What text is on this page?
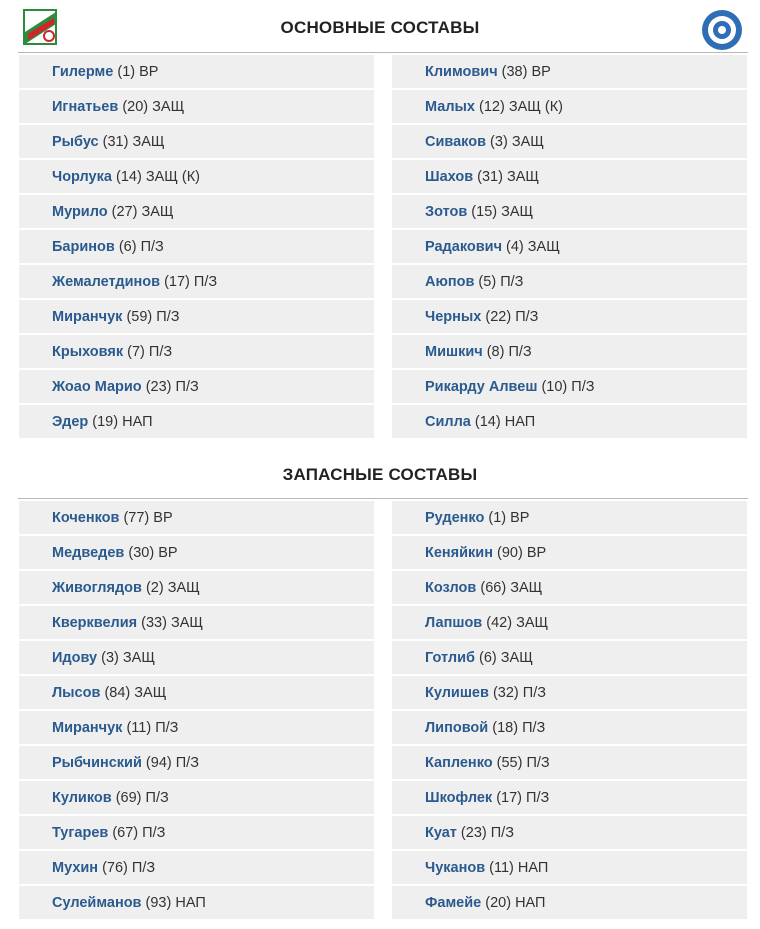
ОСНОВНЫЕ СОСТАВЫ
Гилерме
(1)
ВР
Игнатьев
(20)
ЗАЩ
Рыбус
(31)
ЗАЩ
Чорлука
(14)
ЗАЩ (К)
Мурило
(27)
ЗАЩ
Баринов
(6)
П/З
Жемалетдинов
(17)
П/З
Миранчук
(59)
П/З
Крыховяк
(7)
П/З
Жоао Марио
(23)
П/З
Эдер
(19)
НАП
Климович
(38)
ВР
Малых
(12)
ЗАЩ (К)
Сиваков
(3)
ЗАЩ
Шахов
(31)
ЗАЩ
Зотов
(15)
ЗАЩ
Радакович
(4)
ЗАЩ
Аюпов
(5)
П/З
Черных
(22)
П/З
Мишкич
(8)
П/З
Рикарду Алвеш
(10)
П/З
Силла
(14)
НАП
ЗАПАСНЫЕ СОСТАВЫ
Коченков
(77)
ВР
Медведев
(30)
ВР
Живоглядов
(2)
ЗАЩ
Кверквелия
(33)
ЗАЩ
Идову
(3)
ЗАЩ
Лысов
(84)
ЗАЩ
Миранчук
(11)
П/З
Рыбчинский
(94)
П/З
Куликов
(69)
П/З
Тугарев
(67)
П/З
Мухин
(76)
П/З
Сулейманов
(93)
НАП
Руденко
(1)
ВР
Кеняйкин
(90)
ВР
Козлов
(66)
ЗАЩ
Лапшов
(42)
ЗАЩ
Готлиб
(6)
ЗАЩ
Кулишев
(32)
П/З
Липовой
(18)
П/З
Капленко
(55)
П/З
Шкофлек
(17)
П/З
Куат
(23)
П/З
Чуканов
(11)
НАП
Фамейе
(20)
НАП
